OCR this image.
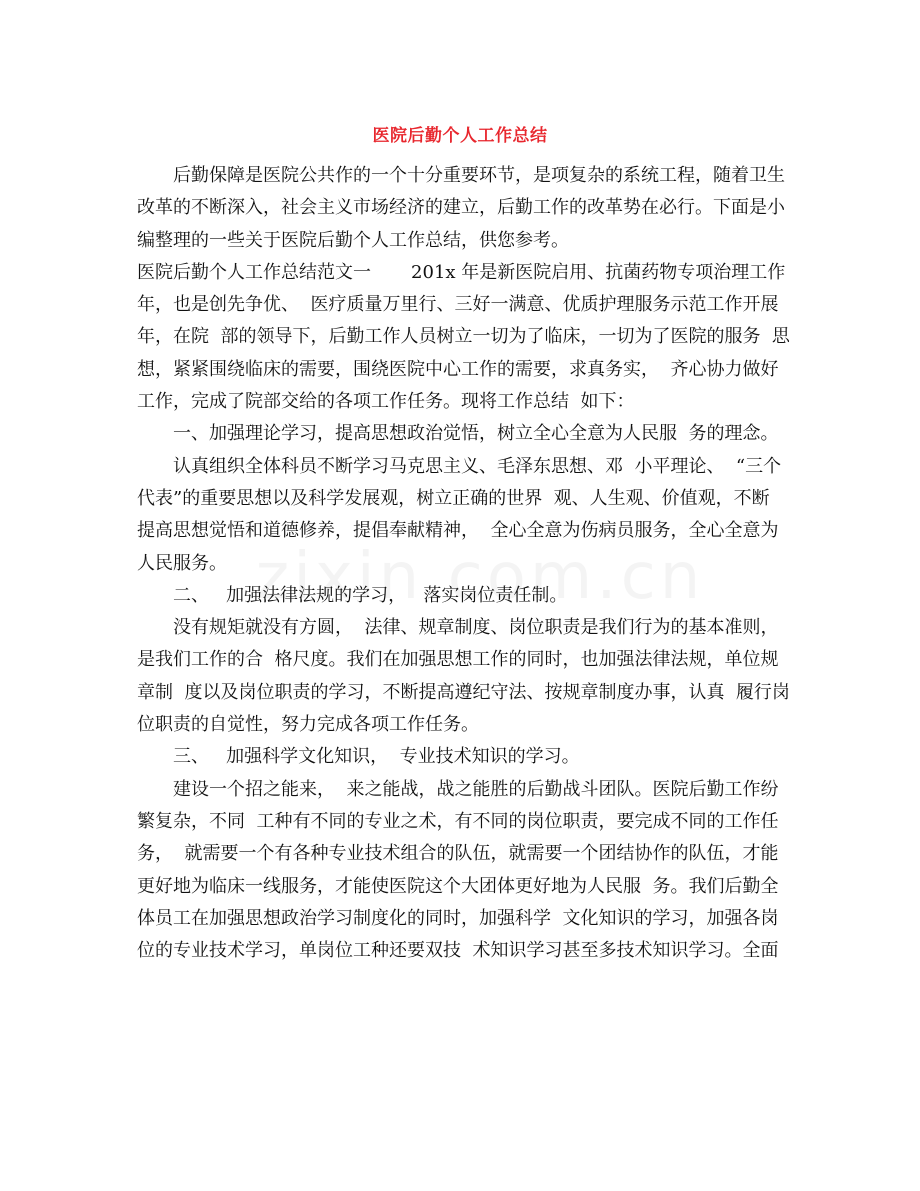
医院后勤个人工作总结
后勤保障是医院公共作的一个十分重要环节，是项复杂的系统工程，随着卫生
改革的不断深入，社会主义市场经济的建立，后勤工作的改革势在必行。下面是小
编整理的一些关于医院后勤个人工作总结，供您参考。
医院后勤个人工作总结范文一       201x 年是新医院启用、抗菌药物专项治理工作
年，也是创先争优、  医疗质量万里行、三好一满意、优质护理服务示范工作开展
年，在院  部的领导下，后勤工作人员树立一切为了临床，一切为了医院的服务  思
想，紧紧围绕临床的需要，围绕医院中心工作的需要，求真务实，  齐心协力做好
工作，完成了院部交给的各项工作任务。现将工作总结  如下：
一、加强理论学习，提高思想政治觉悟，树立全心全意为人民服  务的理念。
认真组织全体科员不断学习马克思主义、毛泽东思想、邓  小平理论、  “三个
代表”的重要思想以及科学发展观，树立正确的世界  观、人生观、价值观，不断
提高思想觉悟和道德修养，提倡奉献精神，  全心全意为伤病员服务，全心全意为
人民服务。
二、   加强法律法规的学习，   落实岗位责任制。
没有规矩就没有方圆，  法律、规章制度、岗位职责是我们行为的基本准则，
是我们工作的合  格尺度。我们在加强思想工作的同时，也加强法律法规，单位规
章制  度以及岗位职责的学习，不断提高遵纪守法、按规章制度办事，认真  履行岗
位职责的自觉性，努力完成各项工作任务。
三、   加强科学文化知识，  专业技术知识的学习。
建设一个招之能来，  来之能战，战之能胜的后勤战斗团队。医院后勤工作纷
繁复杂，不同  工种有不同的专业之术，有不同的岗位职责，要完成不同的工作任
务，  就需要一个有各种专业技术组合的队伍，就需要一个团结协作的队伍，才能
更好地为临床一线服务，才能使医院这个大团体更好地为人民服  务。我们后勤全
体员工在加强思想政治学习制度化的同时，加强科学  文化知识的学习，加强各岗
位的专业技术学习，单岗位工种还要双技  术知识学习甚至多技术知识学习。全面
